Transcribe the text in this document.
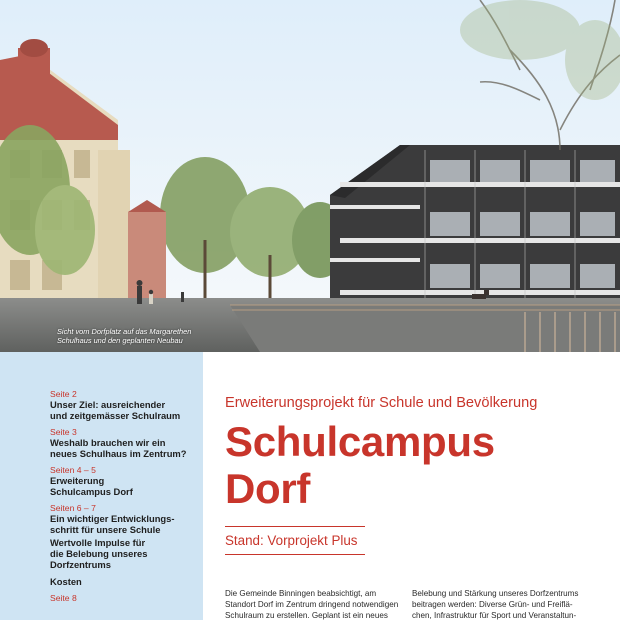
Sicht vom Dorfplatz auf das Margarethen
Schulhaus und den geplanten Neubau
Seite 2
Unser Ziel: ausreichender
und zeitgemässer Schulraum
Seite 3
Weshalb brauchen wir ein
neues Schulhaus im Zentrum?
Seiten 4 – 5
Erweiterung
Schulcampus Dorf
Seiten 6 – 7
Ein wichtiger Entwicklungs-
schritt für unsere Schule
Wertvolle Impulse für
die Belebung unseres
Dorfzentrums
Kosten
Seite 8
Erweiterungsprojekt für Schule und Bevölkerung
Schulcampus
Dorf
Stand: Vorprojekt Plus
Die Gemeinde Binningen beabsichtigt, am
Standort Dorf im Zentrum dringend notwendigen
Schulraum zu erstellen. Geplant ist ein neues
Belebung und Stärkung unseres Dorfzentrums
beitragen werden: Diverse Grün- und Freiflä-
chen, Infrastruktur für Sport und Veranstaltun-
